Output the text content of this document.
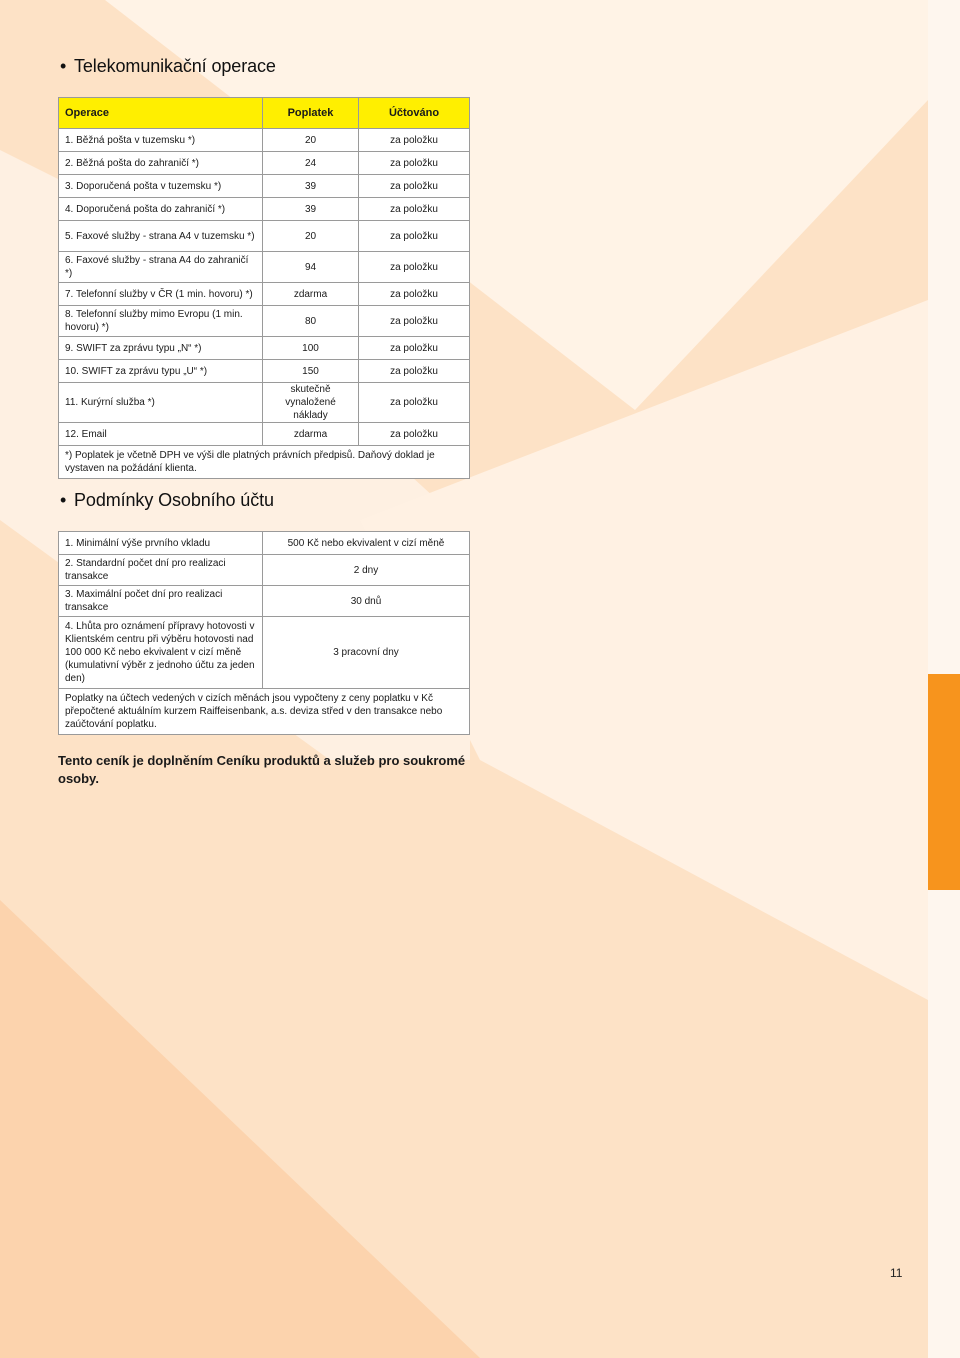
• Telekomunikační operace
Operace	Poplatek	Účtováno
1. Běžná pošta v tuzemsku *)	20	za položku
2. Běžná pošta do zahraničí *)	24	za položku
3. Doporučená pošta v tuzemsku *)	39	za položku
4. Doporučená pošta do zahraničí *)	39	za položku
5. Faxové služby - strana A4 v tuzemsku *)	20	za položku
6. Faxové služby - strana A4 do zahraničí *)	94	za položku
7. Telefonní služby v ČR (1 min. hovoru) *)	zdarma	za položku
8. Telefonní služby mimo Evropu (1 min. hovoru) *)	80	za položku
9. SWIFT za zprávu typu „N“ *)	100	za položku
10. SWIFT za zprávu typu „U“ *)	150	za položku
11. Kurýrní služba *)	skutečně vynaložené náklady	za položku
12. Email	zdarma	za položku
*) Poplatek je včetně DPH ve výši dle platných právních předpisů. Daňový doklad je vystaven na požádání klienta.		
• Podmínky Osobního účtu
1. Minimální výše prvního vkladu	500 Kč nebo ekvivalent v cizí měně
2. Standardní počet dní pro realizaci transakce	2 dny
3. Maximální počet dní pro realizaci transakce	30 dnů
4. Lhůta pro oznámení přípravy hotovosti v Klientském centru při výběru hotovosti nad 100 000 Kč nebo ekvivalent v cizí měně (kumulativní výběr z jednoho účtu za jeden den)	3 pracovní dny
Poplatky na účtech vedených v cizích měnách jsou vypočteny z ceny poplatku v Kč přepočtené aktuálním kurzem Raiffeisenbank, a.s. deviza střed v den transakce nebo zaúčtování poplatku.	

Tento ceník je doplněním Ceníku produktů a služeb pro soukromé osoby.

11
